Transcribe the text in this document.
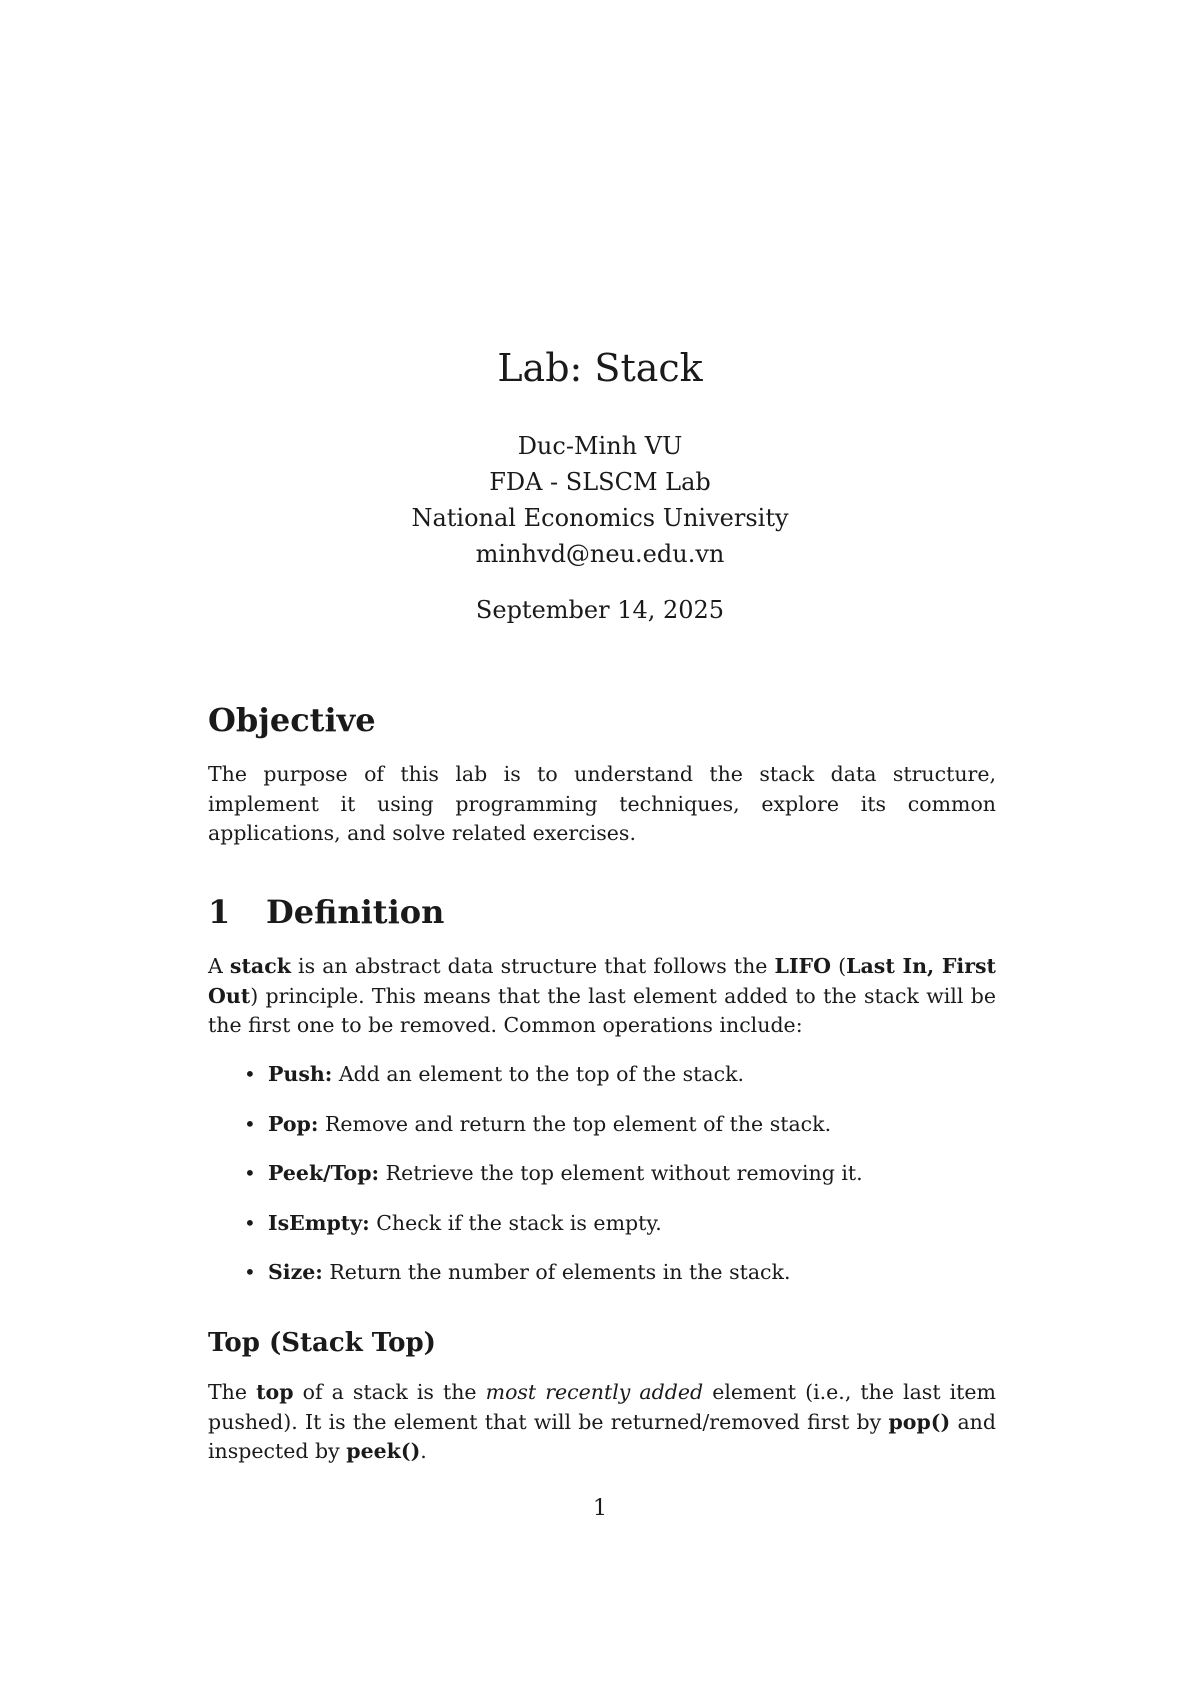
Lab: Stack
Duc-Minh VU
FDA - SLSCM Lab
National Economics University
minhvd@neu.edu.vn
September 14, 2025
Objective

The purpose of this lab is to understand the stack data structure, implement it using programming techniques, explore its common applications, and solve related exercises.

1 Definition

A stack is an abstract data structure that follows the LIFO (Last In, First Out) principle. This means that the last element added to the stack will be the first one to be removed. Common operations include:

• Push: Add an element to the top of the stack.
• Pop: Remove and return the top element of the stack.
• Peek/Top: Retrieve the top element without removing it.
• IsEmpty: Check if the stack is empty.
• Size: Return the number of elements in the stack.
Top (Stack Top)

The top of a stack is the most recently added element (i.e., the last item pushed). It is the element that will be returned/removed first by pop() and inspected by peek().

1
